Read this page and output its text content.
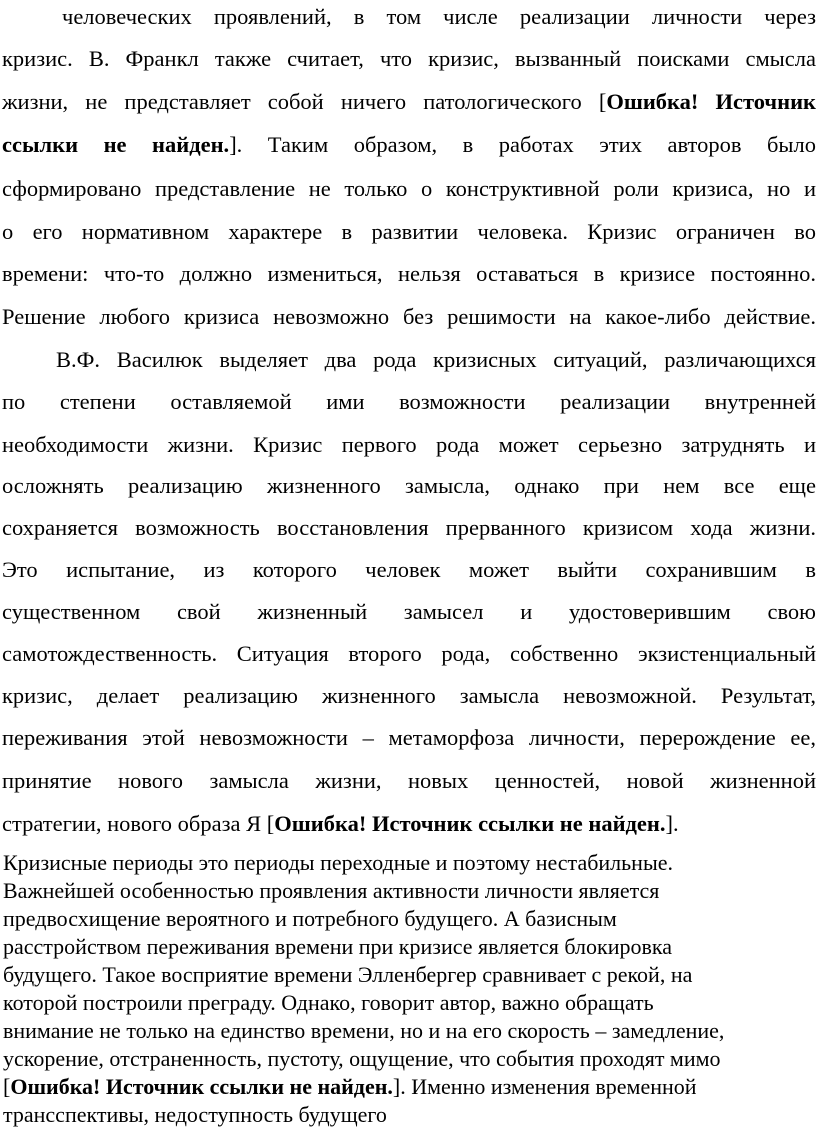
человеческих проявлений, в том числе реализации личности через
кризис. В. Франкл также считает, что кризис, вызванный поисками смысла
жизни, не представляет собой ничего патологического [Ошибка! Источник
ссылки не найден.]. Таким образом, в работах этих авторов было
сформировано представление не только о конструктивной роли кризиса, но и
о его нормативном характере в развитии человека. Кризис ограничен во
времени: что-то должно измениться, нельзя оставаться в кризисе постоянно.
Решение любого кризиса невозможно без решимости на какое-либо действие.
В.Ф. Василюк выделяет два рода кризисных ситуаций, различающихся
по степени оставляемой ими возможности реализации внутренней
необходимости жизни. Кризис первого рода может серьезно затруднять и
осложнять реализацию жизненного замысла, однако при нем все еще
сохраняется возможность восстановления прерванного кризисом хода жизни.
Это испытание, из которого человек может выйти сохранившим в
существенном свой жизненный замысел и удостоверившим свою
самотождественность. Ситуация второго рода, собственно экзистенциальный
кризис, делает реализацию жизненного замысла невозможной. Результат,
переживания этой невозможности – метаморфоза личности, перерождение ее,
принятие нового замысла жизни, новых ценностей, новой жизненной
стратегии, нового образа Я [Ошибка! Источник ссылки не найден.].
Кризисные периоды это периоды переходные и поэтому нестабильные.
Важнейшей особенностью проявления активности личности является
предвосхищение вероятного и потребного будущего. А базисным
расстройством переживания времени при кризисе является блокировка
будущего. Такое восприятие времени Элленбергер сравнивает с рекой, на
которой построили преграду. Однако, говорит автор, важно обращать
внимание не только на единство времени, но и на его скорость – замедление,
ускорение, отстраненность, пустоту, ощущение, что события проходят мимо
[Ошибка! Источник ссылки не найден.]. Именно изменения временной
трансспективы, недоступность будущего
